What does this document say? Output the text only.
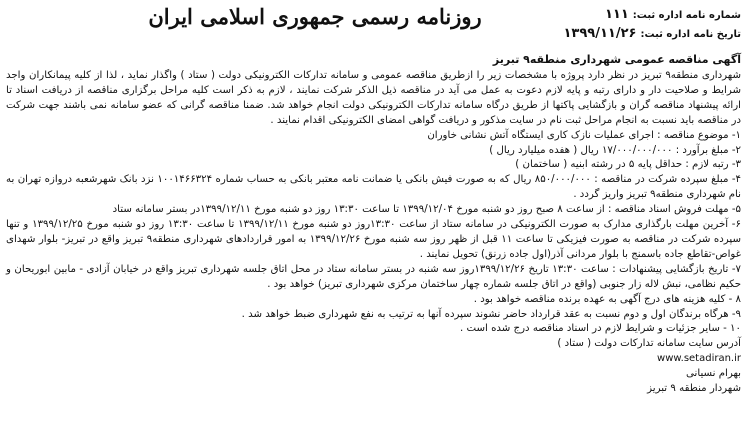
شماره نامه اداره ثبت:۱۱۱
تاریخ نامه اداره ثبت:۱۳۹۹/۱۱/۲۶
روزنامه رسمی جمهوری اسلامی ایران
آگهی مناقصه عمومی شهرداری منطقه۹ تبریز

شهرداری منطقه۹ تبریز در نظر دارد پروژه با مشخصات زیر را ازطریق مناقصه عمومی و سامانه تدارکات الکترونیکی دولت ( ستاد ) واگذار نماید ، لذا از کلیه پیمانکاران واجد شرایط و صلاحیت دار و دارای رتبه و پایه لازم دعوت به عمل می آید در مناقصه ذیل الذکر شرکت نمایند ، لازم به ذکر است کلیه مراحل برگزاری مناقصه از دریافت اسناد تا ارائه پیشنهاد مناقصه گران و بازگشایی پاکتها از طریق درگاه سامانه تدارکات الکترونیکی دولت انجام خواهد شد. ضمنا مناقصه گرانی که عضو سامانه نمی باشند جهت شرکت در مناقصه باید نسبت به انجام مراحل ثبت نام در سایت مذکور و دریافت گواهی امضای الکترونیکی اقدام نمایند .

۱- موضوع مناقصه : اجرای عملیات نازک کاری ایستگاه آتش نشانی خاوران

۲- مبلغ برآورد : ۱۷/۰۰۰/۰۰۰/۰۰۰ ریال ( هفده میلیارد ریال )

۳- رتبه لازم : حداقل پایه ۵ در رشته ابنیه ( ساختمان )

۴- مبلغ سپرده شرکت در مناقصه : ۸۵۰/۰۰۰/۰۰۰ ریال که به صورت فیش بانکی یا ضمانت نامه معتبر بانکی به حساب شماره ۱۰۰۱۴۶۶۳۲۴ نزد بانک شهرشعبه دروازه تهران به نام شهرداری منطقه۹ تبریز واریز گردد .

۵- مهلت فروش اسناد مناقصه : از ساعت ۸ صبح روز دو شنبه مورخ ۱۳۹۹/۱۲/۰۴ تا ساعت ۱۳:۳۰ روز دو شنبه مورخ ۱۳۹۹/۱۲/۱۱در بستر سامانه ستاد

۶- آخرین مهلت بارگذاری مدارک به صورت الکترونیکی در سامانه ستاد از ساعت ۱۳:۳۰روز دو شنبه مورخ ۱۳۹۹/۱۲/۱۱ تا ساعت ۱۳:۳۰ روز دو شنبه مورخ ۱۳۹۹/۱۲/۲۵ و تنها سپرده شرکت در مناقصه به صورت فیزیکی تا ساعت ۱۱ قبل از ظهر روز سه شنبه مورخ ۱۳۹۹/۱۲/۲۶ به امور قراردادهای شهرداری منطقه۹ تبریز واقع در تبریز- بلوار شهدای غواص-تقاطع جاده باسمنج با بلوار مردانی آذر(اول جاده زرنق) تحویل نمایند .

۷- تاریخ بازگشایی پیشنهادات : ساعت ۱۳:۳۰ تاریخ ۱۳۹۹/۱۲/۲۶روز سه شنبه در بستر سامانه ستاد در محل اتاق جلسه شهرداری تبریز واقع در خیابان آزادی - مابین ابوریحان و حکیم نظامی، نبش لاله زار جنوبی (واقع در اتاق جلسه شماره چهار ساختمان مرکزی شهرداری تبریز) خواهد بود .

۸ - کلیه هزینه های درج آگهی به عهده برنده مناقصه خواهد بود .

۹- هرگاه برندگان اول و دوم نسبت به عقد قرارداد حاضر نشوند سپرده آنها به ترتیب به نفع شهرداری ضبط خواهد شد .

۱۰ - سایر جزئیات و شرایط لازم در اسناد مناقصه درج شده است .

آدرس سایت سامانه تدارکات دولت ( ستاد )

www.setadiran.ir

بهرام نسیانی

شهردار منطقه ۹ تبریز
